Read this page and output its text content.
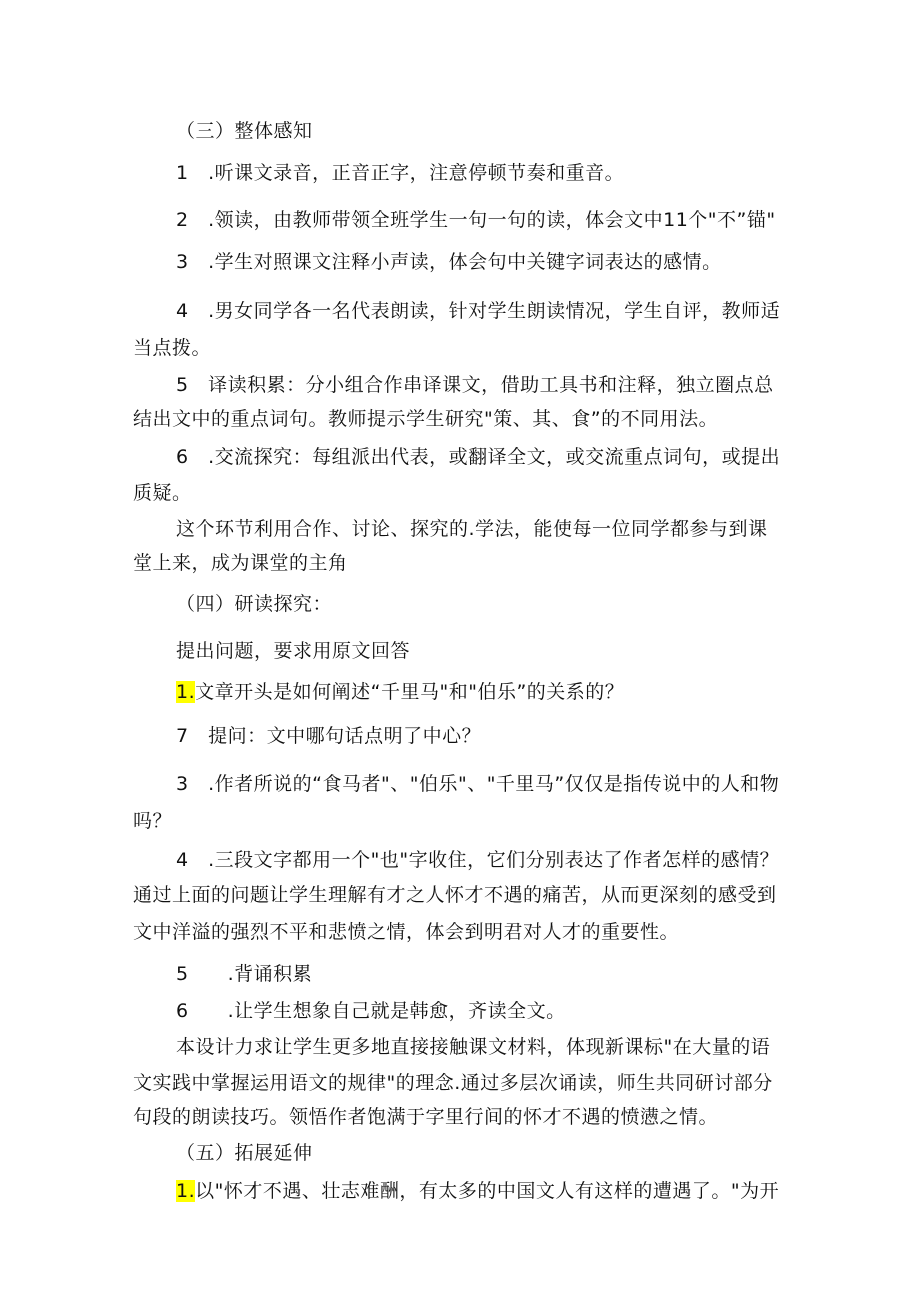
（三）整体感知
1　.听课文录音，正音正字，注意停顿节奏和重音。
2　.领读，由教师带领全班学生一句一句的读，体会文中11个"不”锚"
3　.学生对照课文注释小声读，体会句中关键字词表达的感情。
4　.男女同学各一名代表朗读，针对学生朗读情况，学生自评，教师适
当点拨。
5　译读积累：分小组合作串译课文，借助工具书和注释，独立圈点总
结出文中的重点词句。教师提示学生研究"策、其、食”的不同用法。
6　.交流探究：每组派出代表，或翻译全文，或交流重点词句，或提出
质疑。
这个环节利用合作、讨论、探究的.学法，能使每一位同学都参与到课
堂上来，成为课堂的主角
（四）研读探究：
提出问题，要求用原文回答
1.文章开头是如何阐述“千里马"和"伯乐”的关系的？
7　提问：文中哪句话点明了中心？
3　.作者所说的“食马者"、"伯乐"、"千里马”仅仅是指传说中的人和物
吗？
4　.三段文字都用一个"也"字收住，它们分别表达了作者怎样的感情？
通过上面的问题让学生理解有才之人怀才不遇的痛苦，从而更深刻的感受到
文中洋溢的强烈不平和悲愤之情，体会到明君对人才的重要性。
5　　.背诵积累
6　　.让学生想象自己就是韩愈，齐读全文。
本设计力求让学生更多地直接接触课文材料，体现新课标"在大量的语
文实践中掌握运用语文的规律"的理念.通过多层次诵读，师生共同研讨部分
句段的朗读技巧。领悟作者饱满于字里行间的怀才不遇的愤懑之情。
（五）拓展延伸
1.以"怀才不遇、壮志难酬，有太多的中国文人有这样的遭遇了。"为开
